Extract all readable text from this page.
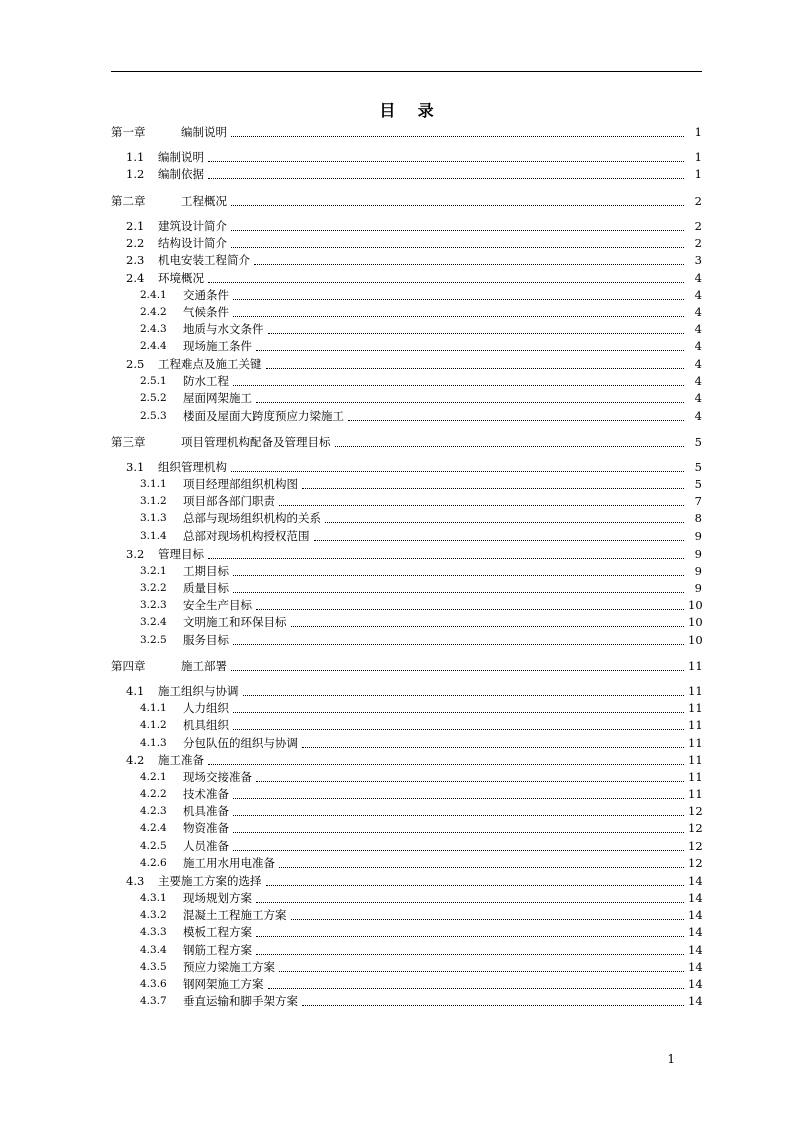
目    录
第一章	编制说明	1
1.1	编制说明	1
1.2	编制依据	1
第二章	工程概况	2
2.1	建筑设计简介	2
2.2	结构设计简介	2
2.3	机电安装工程简介	3
2.4	环境概况	4
2.4.1	交通条件	4
2.4.2	气候条件	4
2.4.3	地质与水文条件	4
2.4.4	现场施工条件	4
2.5	工程难点及施工关键	4
2.5.1	防水工程	4
2.5.2	屋面网架施工	4
2.5.3	楼面及屋面大跨度预应力梁施工	4
第三章	项目管理机构配备及管理目标	5
3.1	组织管理机构	5
3.1.1	项目经理部组织机构图	5
3.1.2	项目部各部门职责	7
3.1.3	总部与现场组织机构的关系	8
3.1.4	总部对现场机构授权范围	9
3.2	管理目标	9
3.2.1	工期目标	9
3.2.2	质量目标	9
3.2.3	安全生产目标	10
3.2.4	文明施工和环保目标	10
3.2.5	服务目标	10
第四章	施工部署	11
4.1	施工组织与协调	11
4.1.1	人力组织	11
4.1.2	机具组织	11
4.1.3	分包队伍的组织与协调	11
4.2	施工准备	11
4.2.1	现场交接准备	11
4.2.2	技术准备	11
4.2.3	机具准备	12
4.2.4	物资准备	12
4.2.5	人员准备	12
4.2.6	施工用水用电准备	12
4.3	主要施工方案的选择	14
4.3.1	现场规划方案	14
4.3.2	混凝土工程施工方案	14
4.3.3	模板工程方案	14
4.3.4	钢筋工程方案	14
4.3.5	预应力梁施工方案	14
4.3.6	钢网架施工方案	14
4.3.7	垂直运输和脚手架方案	14
1
